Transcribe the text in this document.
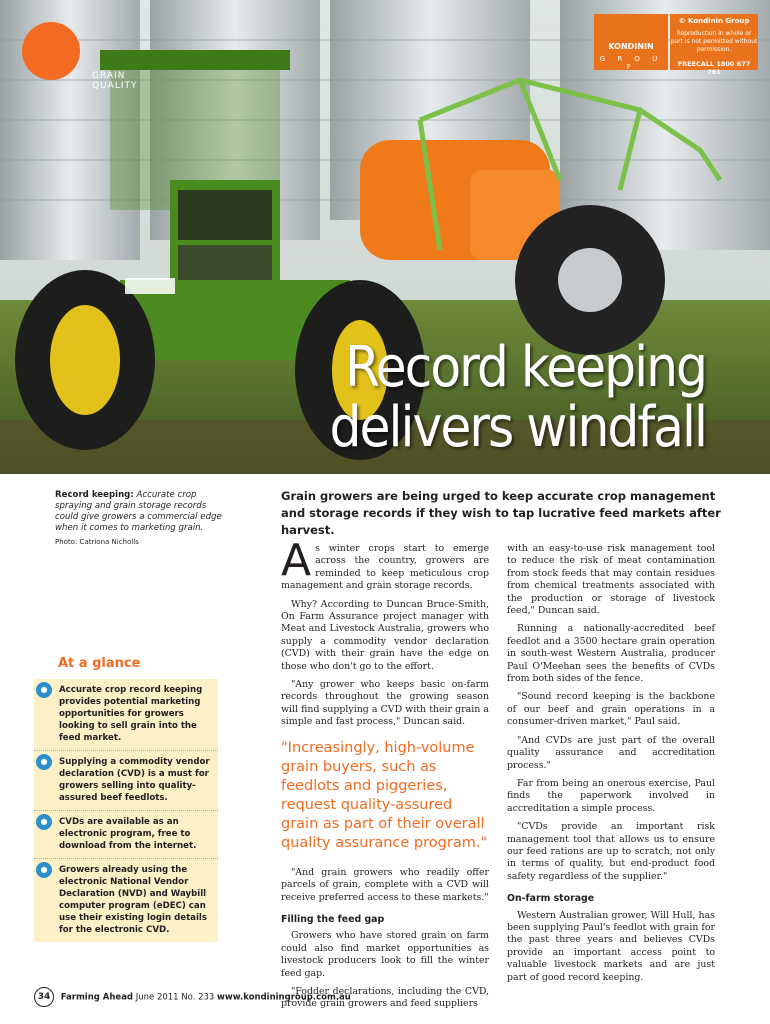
GRAIN QUALITY
KONDININ
G R O U P
© Kondinin Group
Reproduction in whole or part is not permitted without permission.
FREECALL 1800 677 761
Record keeping
delivers windfall
Record keeping: Accurate crop spraying and grain storage records could give growers a commercial edge when it comes to marketing grain.
Photo: Catriona Nicholls
At a glance
●	Accurate crop record keeping provides potential marketing opportunities for growers looking to sell grain into the feed market.
●	Supplying a commodity vendor declaration (CVD) is a must for growers selling into quality-assured beef feedlots.
●	CVDs are available as an electronic program, free to download from the internet.
●	Growers already using the electronic National Vendor Declaration (NVD) and Waybill computer program (eDEC) can use their existing login details for the electronic CVD.
34 Farming Ahead June 2011 No. 233 www.kondiningroup.com.au
Grain growers are being urged to keep accurate crop management and storage records if they wish to tap lucrative feed markets after harvest.

As winter crops start to emerge across the country, growers are reminded to keep meticulous crop management and grain storage records.

Why? According to Duncan Bruce-Smith, On Farm Assurance project manager with Meat and Livestock Australia, growers who supply a commodity vendor declaration (CVD) with their grain have the edge on those who don't go to the effort.

"Any grower who keeps basic on-farm records throughout the growing season will find supplying a CVD with their grain a simple and fast process," Duncan said.

"Increasingly, high-volume grain buyers, such as feedlots and piggeries, request quality-assured grain as part of their overall quality assurance program."

"And grain growers who readily offer parcels of grain, complete with a CVD will receive preferred access to these markets."

Filling the feed gap

Growers who have stored grain on farm could also find market opportunities as livestock producers look to fill the winter feed gap.

"Fodder declarations, including the CVD, provide grain growers and feed suppliers

with an easy-to-use risk management tool to reduce the risk of meat contamination from stock feeds that may contain residues from chemical treatments associated with the production or storage of livestock feed," Duncan said.

Running a nationally-accredited beef feedlot and a 3500 hectare grain operation in south-west Western Australia, producer Paul O'Meehan sees the benefits of CVDs from both sides of the fence.

"Sound record keeping is the backbone of our beef and grain operations in a consumer-driven market," Paul said.

"And CVDs are just part of the overall quality assurance and accreditation process."

Far from being an onerous exercise, Paul finds the paperwork involved in accreditation a simple process.

"CVDs provide an important risk management tool that allows us to ensure our feed rations are up to scratch, not only in terms of quality, but end-product food safety regardless of the supplier."

On-farm storage

Western Australian grower, Will Hull, has been supplying Paul's feedlot with grain for the past three years and believes CVDs provide an important access point to valuable livestock markets and are just part of good record keeping.
